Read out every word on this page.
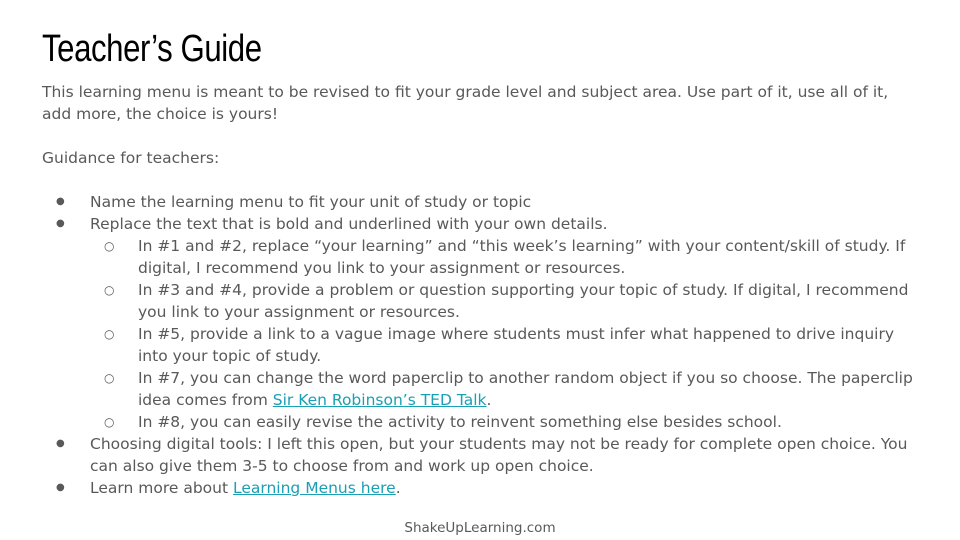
Teacher’s Guide

This learning menu is meant to be revised to fit your grade level and subject area. Use part of it, use all of it, add more, the choice is yours!

Guidance for teachers:

● Name the learning menu to fit your unit of study or topic
● Replace the text that is bold and underlined with your own details.
○ In #1 and #2, replace “your learning” and “this week’s learning” with your content/skill of study. If digital, I recommend you link to your assignment or resources.
○ In #3 and #4, provide a problem or question supporting your topic of study. If digital, I recommend you link to your assignment or resources.
○ In #5, provide a link to a vague image where students must infer what happened to drive inquiry into your topic of study.
○ In #7, you can change the word paperclip to another random object if you so choose. The paperclip idea comes from Sir Ken Robinson’s TED Talk.
○ In #8, you can easily revise the activity to reinvent something else besides school.
● Choosing digital tools: I left this open, but your students may not be ready for complete open choice. You can also give them 3-5 to choose from and work up open choice.
● Learn more about Learning Menus here.
ShakeUpLearning.com
